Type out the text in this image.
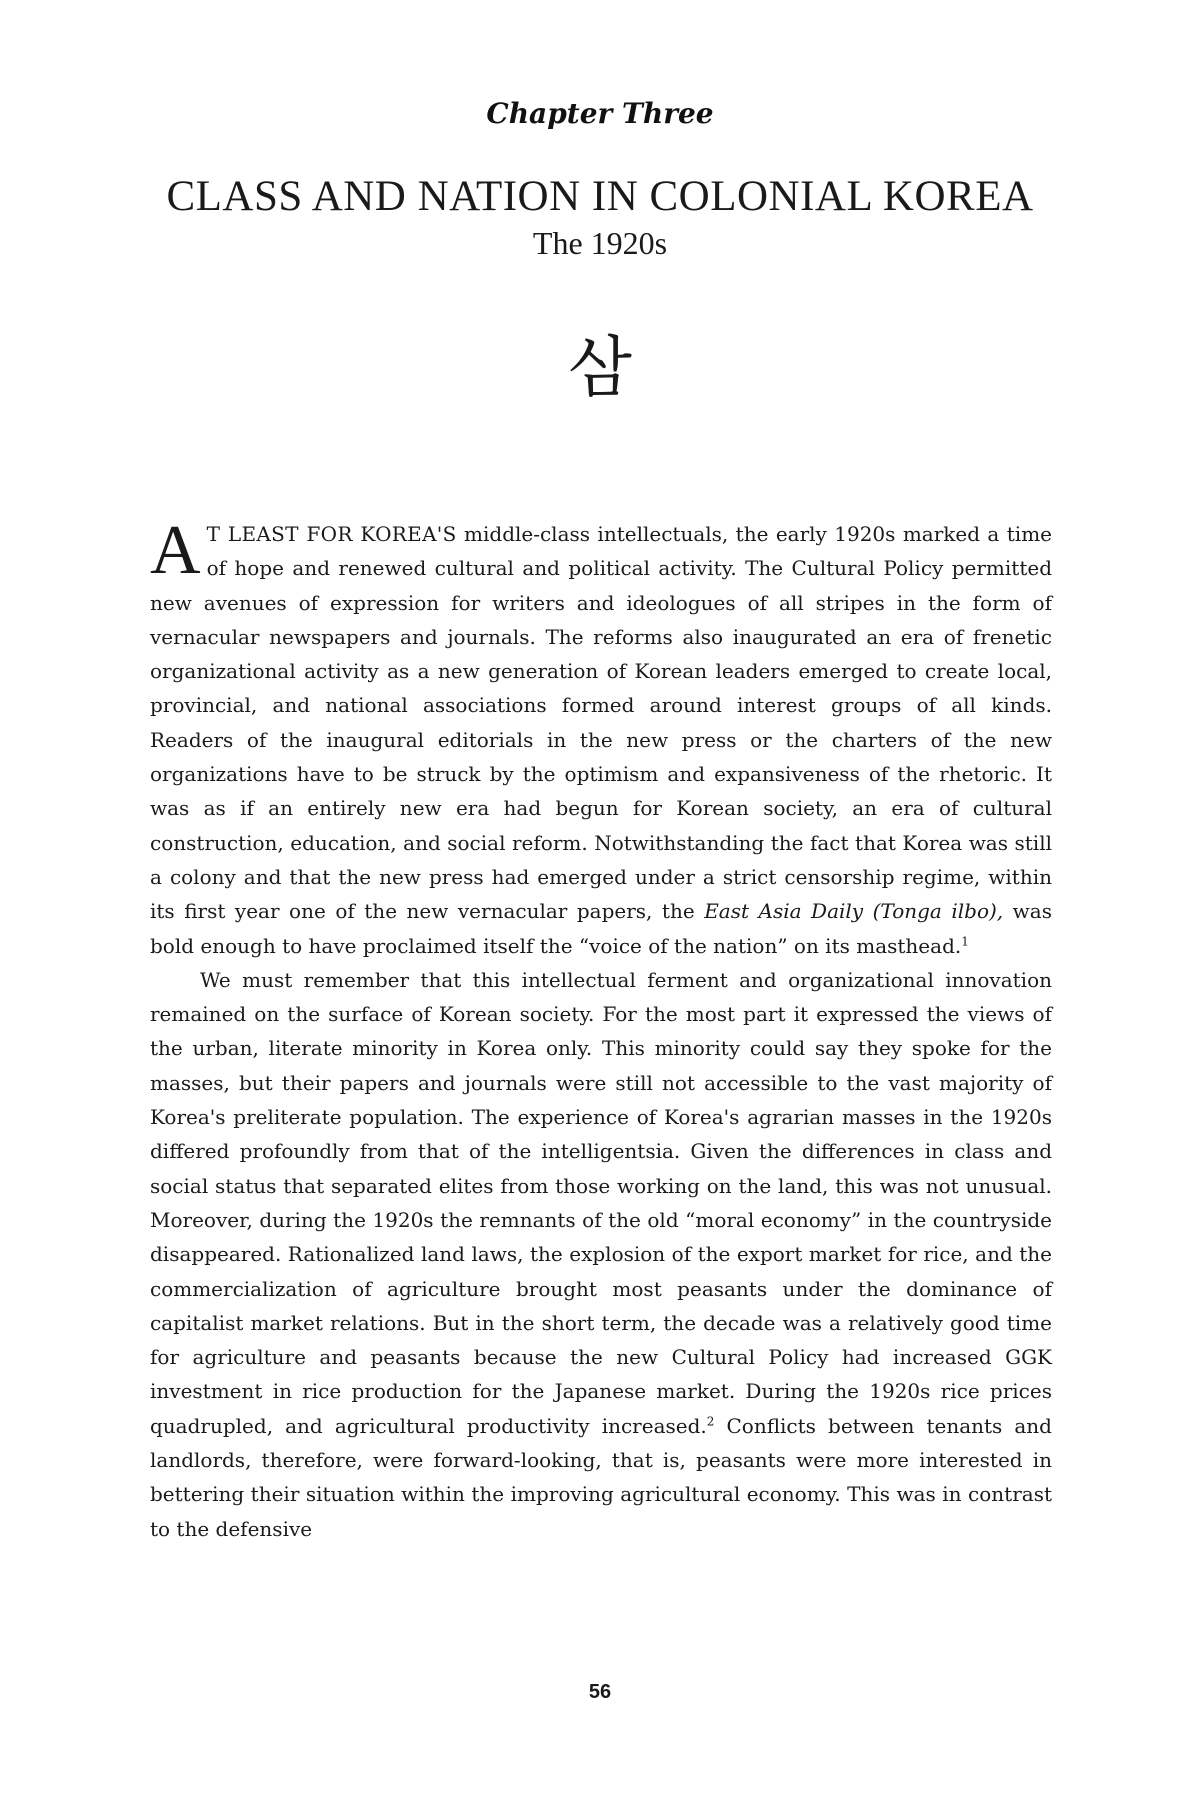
Chapter Three
CLASS AND NATION IN COLONIAL KOREA
The 1920s
삼

A T LEAST FOR KOREA'S middle-class intellectuals, the early 1920s marked a time of hope and renewed cultural and political activity. The Cultural Policy permitted new avenues of expression for writers and ideologues of all stripes in the form of vernacular newspapers and journals. The reforms also inaugurated an era of frenetic organizational activity as a new generation of Korean leaders emerged to create local, provincial, and national associations formed around interest groups of all kinds. Readers of the inaugural editorials in the new press or the charters of the new organizations have to be struck by the optimism and expansiveness of the rhetoric. It was as if an entirely new era had begun for Korean society, an era of cultural construction, education, and social reform. Notwithstanding the fact that Korea was still a colony and that the new press had emerged under a strict censorship regime, within its first year one of the new vernacular papers, the East Asia Daily (Tonga ilbo), was bold enough to have proclaimed itself the “voice of the nation” on its masthead.$^1$

We must remember that this intellectual ferment and organizational innovation remained on the surface of Korean society. For the most part it expressed the views of the urban, literate minority in Korea only. This minority could say they spoke for the masses, but their papers and journals were still not accessible to the vast majority of Korea's preliterate population. The experience of Korea's agrarian masses in the 1920s differed profoundly from that of the intelligentsia. Given the differences in class and social status that separated elites from those working on the land, this was not unusual. Moreover, during the 1920s the remnants of the old “moral economy” in the countryside disappeared. Rationalized land laws, the explosion of the export market for rice, and the commercialization of agriculture brought most peasants under the dominance of capitalist market relations. But in the short term, the decade was a relatively good time for agriculture and peasants because the new Cultural Policy had increased GGK investment in rice production for the Japanese market. During the 1920s rice prices quadrupled, and agricultural productivity increased.$^2$ Conflicts between tenants and landlords, therefore, were forward-looking, that is, peasants were more interested in bettering their situation within the improving agricultural economy. This was in contrast to the defensive

56
